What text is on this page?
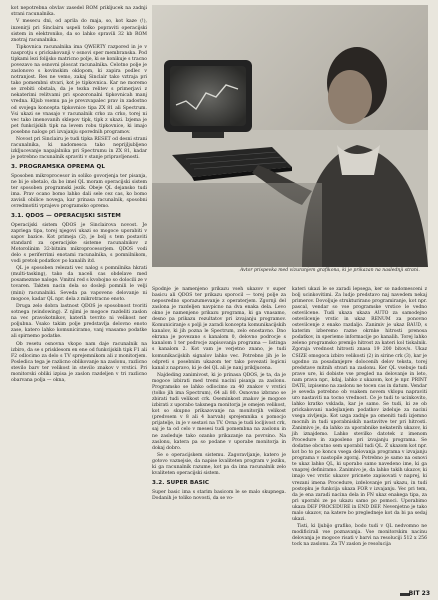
kot nepotrebna obvlav zasedel ROM prikljucek na zadnji strani racunalnika.

V mesecu dni, od aprila do maja, so, kot kaze (!), inzenirji pri Sinclairu uspeli tolko popraviti operacijski sistem in elektroniko, da so lahko spravili 32 kb ROM znotraj racunalnika.

Tipkovnica racunalnika ima QWERTY razpored in je v nasprotju s prickakovanji v osnovi sper membranska. Pod tipkami lezi folijsko matricno polje, ki se konikuje s tracno povezavo na osnovni ploscat racunalnika. Celotno polje je zaslonovo s kovinskim oklopom, ki zapira podlec v notranjost. Res ne vemo, zakaj Sinclair tako vztraja pri tako pomembni stvari, kot je tipkovnica. Kar ne moremo se zrebiti obstala, da je tezka relitev s primerjavi z nekaterimi relitvami pri spozoronalni tipkovnicah manj vredna. Kljub vsemu pa je prevzvapalec prav in zadostno od svojega koncepta tipkovnice tipa ZX 81 ali Spectrum. Vsi ukazi se vnasajo v racunalnik crko za crko, torej ni vec tako imenovanih sklepov tipk, tipk z ukazi. Izjema je pet funkcijskih tipk na levem robu tipkovnice, ki imajo posebno nalogo pri izvajanju sporednih programov.

Novost pri Sinclairu je tudi tipka RESET od desni strani racunalnika, ki nadomesca tako neprijljubljeno izkljucevanje napajalnika pri Spectrumu in ZX 81, kadar je potrebno racunalnik spraviti v stanje pripravljenosti.

3. PROGRAMSKA OPREMA QL

Sposoben mikroprocesor in soliko govorjenja ter pisanja, ne bi je obetalo, da bo imel QL moram operacijski sistem ter sposoben programski jezik. Obeje QL dejansko tudi ima. Prav ocano bomo lahko dali sele cez cas, ko bomo zavisli obilice novega, kar prinasa racunalnik, sposobni ovredmotiti vprajevo programsko opremo.

3.1. QDOS — OPERACIJSKI SISTEM

Operacijski sistem QDOS je Sinclairova novost. Je zapriega tipa, torej njegovi ukazi so mogoce uporabiti v sapov bazice. Kot primeja (2), je bolj s tem postaviti standard za operacijske sisteme racunalnikov z Motorolinim 32-bitnim mikroprocesorjem. QDOS vodi delo s periferrimi enotami racunalnika, s pomnilnikom, vodi pretok podatkov po kanalih itd.

QL je sposoben relezati vec nalog s pomnilnika hkrati (multi-tasking), tako da naceli cas obdelave med posameznne naloge. Vmitni red s kvobojno so dolocili ze v tovaren. Takten nacin dela so dosleji pomnili le velji (mini) racunalniki. Seveda pa vapoveno delovanje ni mogoce, kadar QL npr. dela z mikrotracno enoto.

Druga zelo dobra lastnost QDOS je sposobnost tvoriti sotnega (windowing). Z njimi je mogoce razdeliti zaslon na vec pravokotnikov, katerih tevrito ni velikost ner poljubna. Vsako takim polje predstavlja delovno enoto zase, katero lahko komuniciramo, vanj vnasamo podatke ali spirnemo podatke.

Ob resetu osnovna vkopo nam daje racunalnik na izbiro, da se s prisklesom en ene od funkcijskih tipk F1 ali F2 odlocimo za delo s TV sprejemnikom ali z monitorjem. Posledica tega je razlicno oblikovanje na zaslonu, razlicno stevilo barv ter velikost in stevilo znakov v vrstici. Pri monitorski obliki izpisa je zaslon razdeljen v tri razlicno obarvana polja — okna,

Avtor prispevka med vizuranjem grafikona, ki je prikazan na naslednji strani.

Spodnje je namenjeno prikazu vseh ukazov v super basicu ali QDOS ter prikazu sporocil — torej polje za neposredno sporazumevanje z operaterjem. Zgornji del zaslona je razdeljen navpicno na dva enaka dela. Levo okno je namenjeno prikazu programa, ki ga vnasamo, desno pa prikazu rezultatov pri izvajanju programov. Komuniciranje s polji je zaradi koncepta komunikacijskih kanalov, ki jih pozna le Spectrum, zelo enostavno. Dno ekrana je povezano s kanalom 0, delovno podrocje s kanalom 1 ter podrocje zapisovanja programa — listinga s kanalom 2. Kot vam je verjetno znano, je tudi komunikacijskih signalov lahko vec. Potrebno jih je le odpreti s posebnim ukazom ter tako povezati logicni kanal z napravo, ki je del QL ali je nanj prikljucena.

Najdeding zanimivost, ki jo prinasa QDOS, je ta, da je mogoce izbirati med tremi nacini pisanja za zaslonu. Programsko se lahko odlocimo za 40 znakov v vrstici (tolko jih ima Spectrum), 64 ali 80. Osnovno izbrano se zbirati tudi velikost crk. Oseminkost znakov je mogoce izbirati z uporabo taksnega monitorja je omejen velikost, kot so skupno prikazovanje na monitorjih velikost (predvsem v 8 ali 4 barvah) sprejemnika s pomocjo prijatelje, in je v sestavi na TV. Ovna je tudi locljivost crk, saj je ta od celo v mesesi tudi pomembna na zaslonu in ne zasleduje tako ozanko prikazanje na povrsino. Na zaslonu, katera pa so podane v uporabe monitorja in dokaj dobro.

Se o operacijskem sistemu. Zagoravljanje, katero je gotovo vaznejsie, da napise kvaliteten program v jeziku, ki ga racunalnik razume, kot pa da ima racunalnik zelo kvaliteten operacijski sistem.

3.2. SUPER BASIC

Super basic ima s starim basicom le se malo skupnega. Dodanih je toliko novosti, da se vo-

kateri ukazi le se zaradi lepsega, ker so nadomesceni z bolj ucinkovitimi. Za ludjo predstavo naj navedem nekaj primerov. Dovoljuje strukturirano programiranje, kot npr. pascal, vendar so vse programske vrstice le vedno ostevilcene. Tudi ukaza ukaza AUTO za samodejno ostevilcenje vrstic in ukaz RENUM za ponovno ostevilcenje z enako razdaljo. Zanimiv je ukaz BAUD, s katerim izberemo razne okrnke hitrosti prenosa podatkov, in speriemo informacije po kanalih. Torej lahko zeleno programsko premijo hitrost za kateri kol tiskalnik. Zgoraja vrednost hitrosti znasa 19 200 bitov/s. Ukaz CSIZE omogoca izbiro velikosti (2) in sirine crk (3), kar je ugodno za posadanjepre dolocenih delov teksta, torej predstave mitnih stvari na zaslonu. Ker QL vsebuje tudi prave ure, ki dobiste vse pregled na delovanje in leto, nam prava npr., kdaj, lahko z ukazom, kot je npr. PRINT DATE, izpisemo na zaslonu ne tocen cas in datum. Vendar je seveda potrebno ob vsakem novem vklopu napraviti uro nastaviti na tocno vrednost. Ce je tudi to ucinkovito, lahko kratko vsklada, kar je samo. Se tudi, ki ze ob prickakovani nadejlanjem podatkov izdeluje za nacini vsega zivljenja. Kot uzga zadnje pa omeniti tudi izjemno mocnih in tudi uporabniskih nastavitve ter pri hitrosti. Zanimivo je, da lahko za uporabnike nekaterih ukazov, ki jih iznajdemo. Lahko stevilko datotek z imenom Procedure in zaposleno pri izvajanju programa. Se dodatne obcutno sem uporabil tudi QL. Z ukazom kot npr. kot bo to po koncu vsega delovanja programa v izvajanju programa v nastopile zgoraj. Potrebno je samo na osnovi te ukaz lahko QL, ki uporabo samo navedeno ime, ki ga vnaprej definiramo. Zanimivo je, da lahko takih ukazov, ki imajo vec vrstic ukazov pricnete zapisovati v naprej, ki vrezani imena Procedure, izdelovanje pri ukazu, in tudi postopku je funkcija ukaza FOR v izvajanju. Vec pri tem, da je ena zaradi nacina dela in FN ukaz enakega tipa, za pri uporabi ze po ukazu samo po pomoci. Uporabimo ukaza DEF PROCEDURE in END DEF. Nevenjetno je tako malo ukazov, na katere bo pregledneje kot da bi pa sedaj ukazi.

Tisti, ki ljubijo grafiko, bodo tudi v QL nedvomno ne modificirali vse poznavanja. Vse monitorskim nacinu delovanja je mogoce risati v barvi na resoluciji 512 x 256 tock na zaslonu. Za TV zaslon je resolucija

BIT 23
